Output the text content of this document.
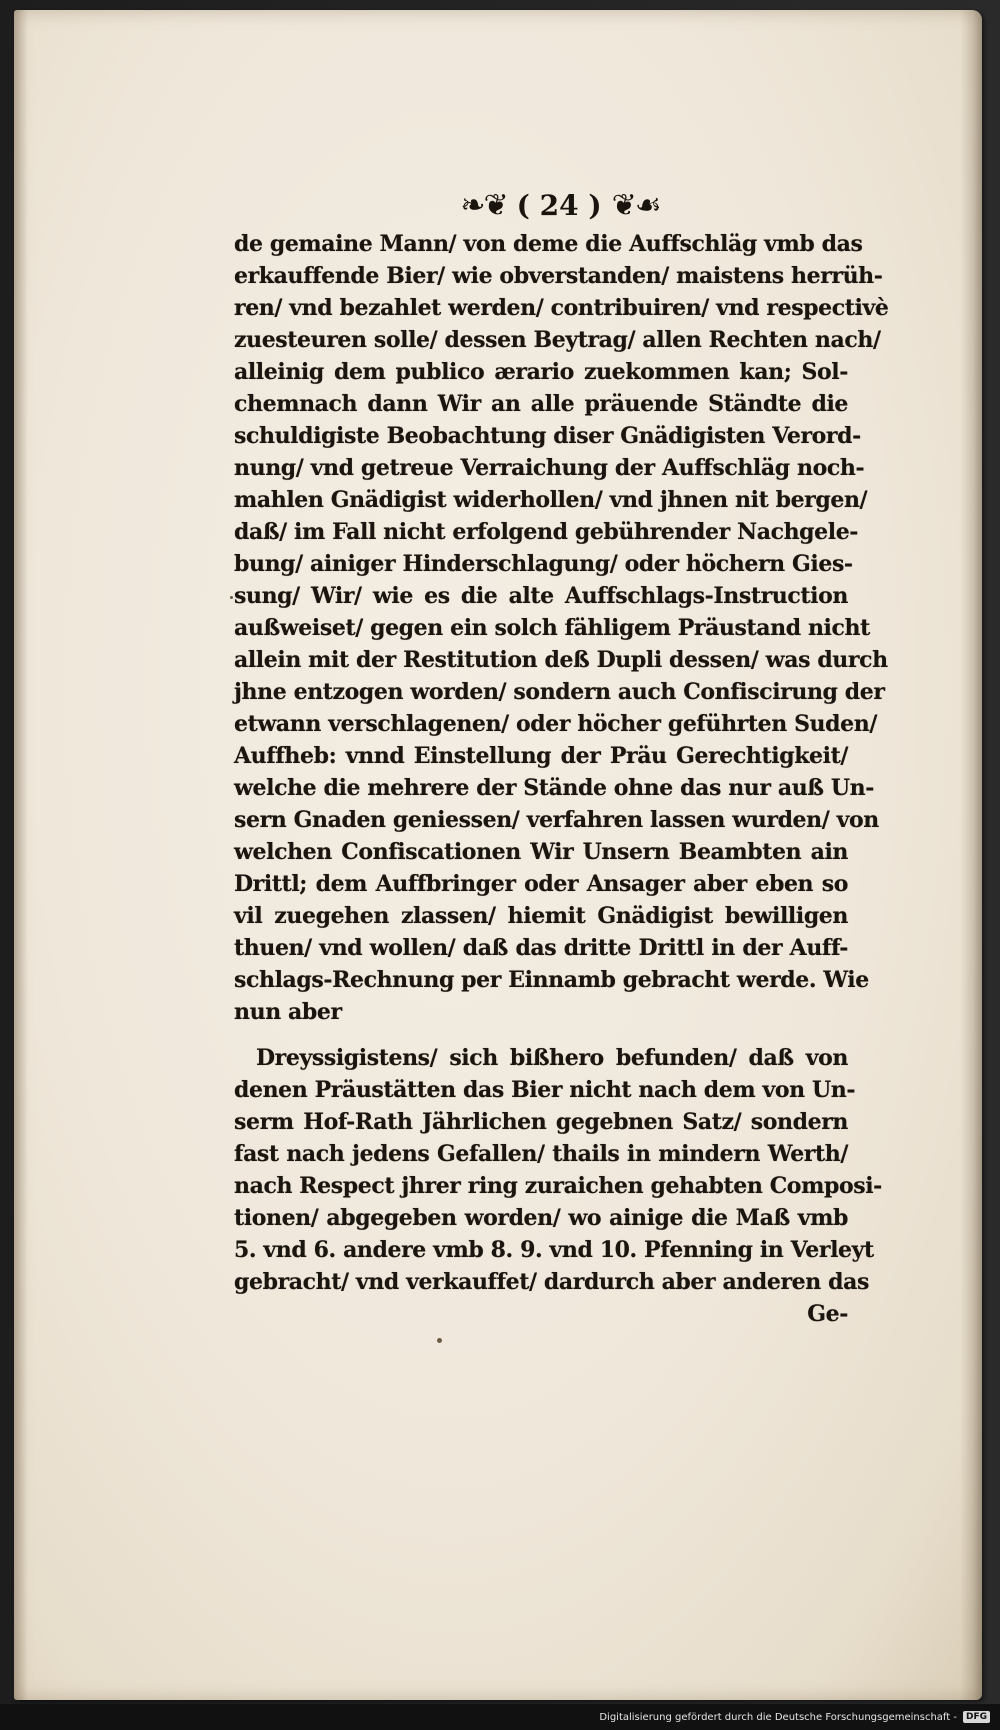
❧❦ ( 24 ) ❦☙
de gemaine Mann/ von deme die Auffschläg vmb das
erkauffende Bier/ wie obverstanden/ maistens herrüh-
ren/ vnd bezahlet werden/ contribuiren/ vnd respectivè
zuesteuren solle/ dessen Beytrag/ allen Rechten nach/
alleinig dem publico ærario zuekommen kan; Sol-
chemnach dann Wir an alle präuende Ständte die
schuldigiste Beobachtung diser Gnädigisten Verord-
nung/ vnd getreue Verraichung der Auffschläg noch-
mahlen Gnädigist widerhollen/ vnd jhnen nit bergen/
daß/ im Fall nicht erfolgend gebührender Nachgele-
bung/ ainiger Hinderschlagung/ oder höchern Gies-
sung/ Wir/ wie es die alte Auffschlags-Instruction
außweiset/ gegen ein solch fähligem Präustand nicht
allein mit der Restitution deß Dupli dessen/ was durch
jhne entzogen worden/ sondern auch Confiscirung der
etwann verschlagenen/ oder höcher geführten Suden/
Auffheb: vnnd Einstellung der Präu Gerechtigkeit/
welche die mehrere der Stände ohne das nur auß Un-
sern Gnaden geniessen/ verfahren lassen wurden/ von
welchen Confiscationen Wir Unsern Beambten ain
Drittl; dem Auffbringer oder Ansager aber eben so
vil zuegehen zlassen/ hiemit Gnädigist bewilligen
thuen/ vnd wollen/ daß das dritte Drittl in der Auff-
schlags-Rechnung per Einnamb gebracht werde. Wie
nun aber
Dreyssigistens/ sich bißhero befunden/ daß von
denen Präustätten das Bier nicht nach dem von Un-
serm Hof-Rath Jährlichen gegebnen Satz/ sondern
fast nach jedens Gefallen/ thails in mindern Werth/
nach Respect jhrer ring zuraichen gehabten Composi-
tionen/ abgegeben worden/ wo ainige die Maß vmb
5. vnd 6. andere vmb 8. 9. vnd 10. Pfenning in Verleyt
gebracht/ vnd verkauffet/ dardurch aber anderen das
Ge-
Digitalisierung gefördert durch die Deutsche Forschungsgemeinschaft -	DFG
